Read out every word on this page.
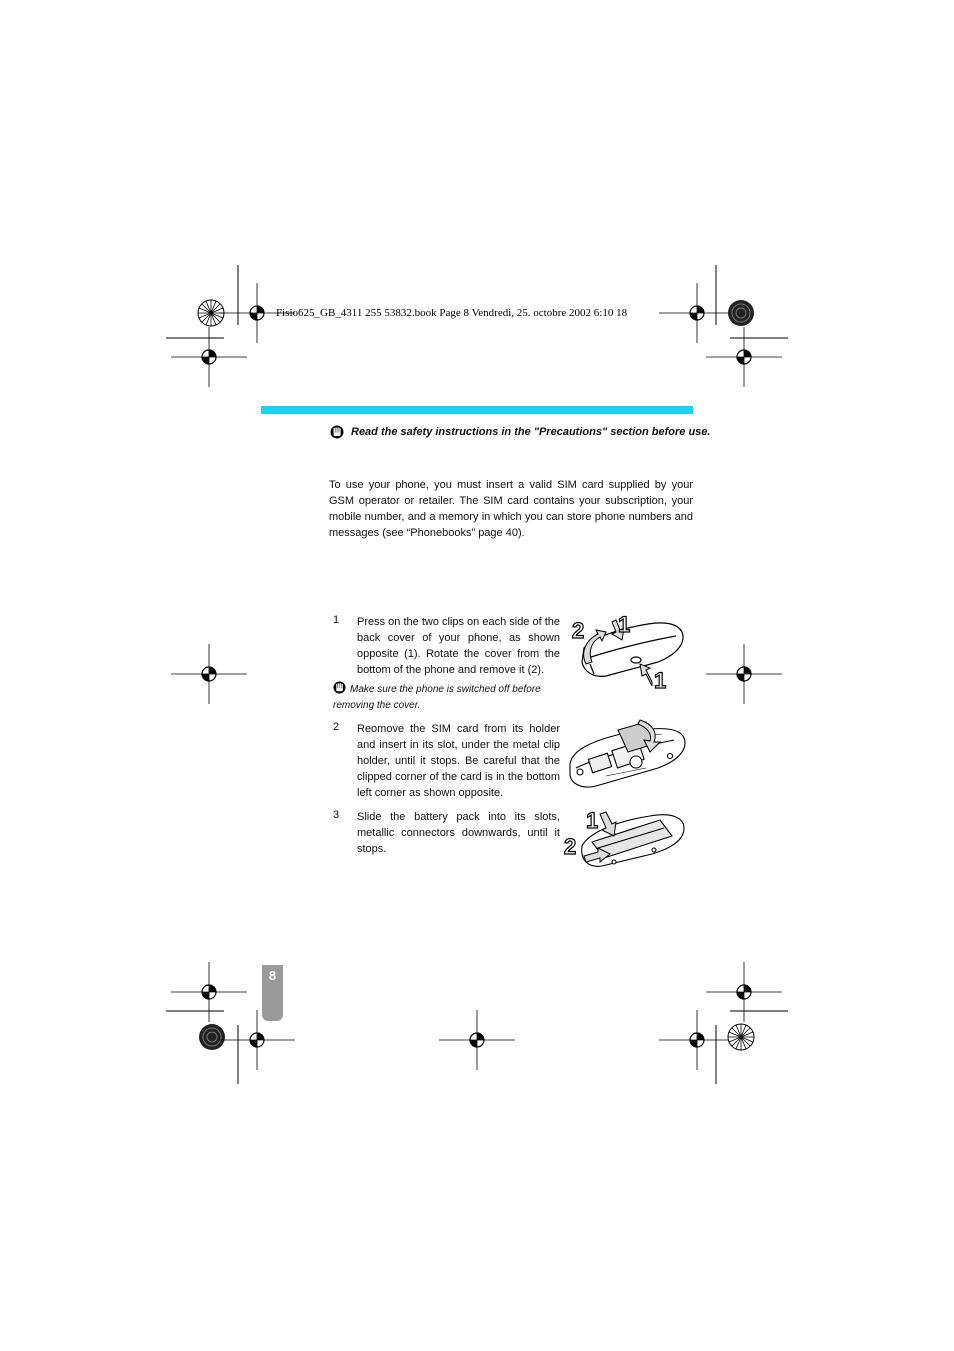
Fisio625_GB_4311 255 53832.book Page 8 Vendredi, 25. octobre 2002 6:10 18
Read the safety instructions in the "Precautions" section before use.
To use your phone, you must insert a valid SIM card supplied by your GSM operator or retailer. The SIM card contains your subscription, your mobile number, and a memory in which you can store phone numbers and messages (see “Phonebooks” page 40).
1 Press on the two clips on each side of the back cover of your phone, as shown opposite (1). Rotate the cover from the bottom of the phone and remove it (2).
Make sure the phone is switched off before removing the cover.
2 Reomove the SIM card from its holder and insert in its slot, under the metal clip holder, until it stops. Be careful that the clipped corner of the card is in the bottom left corner as shown opposite.
3 Slide the battery pack into its slots, metallic connectors downwards, until it stops.
2 1
1
1
2
8
